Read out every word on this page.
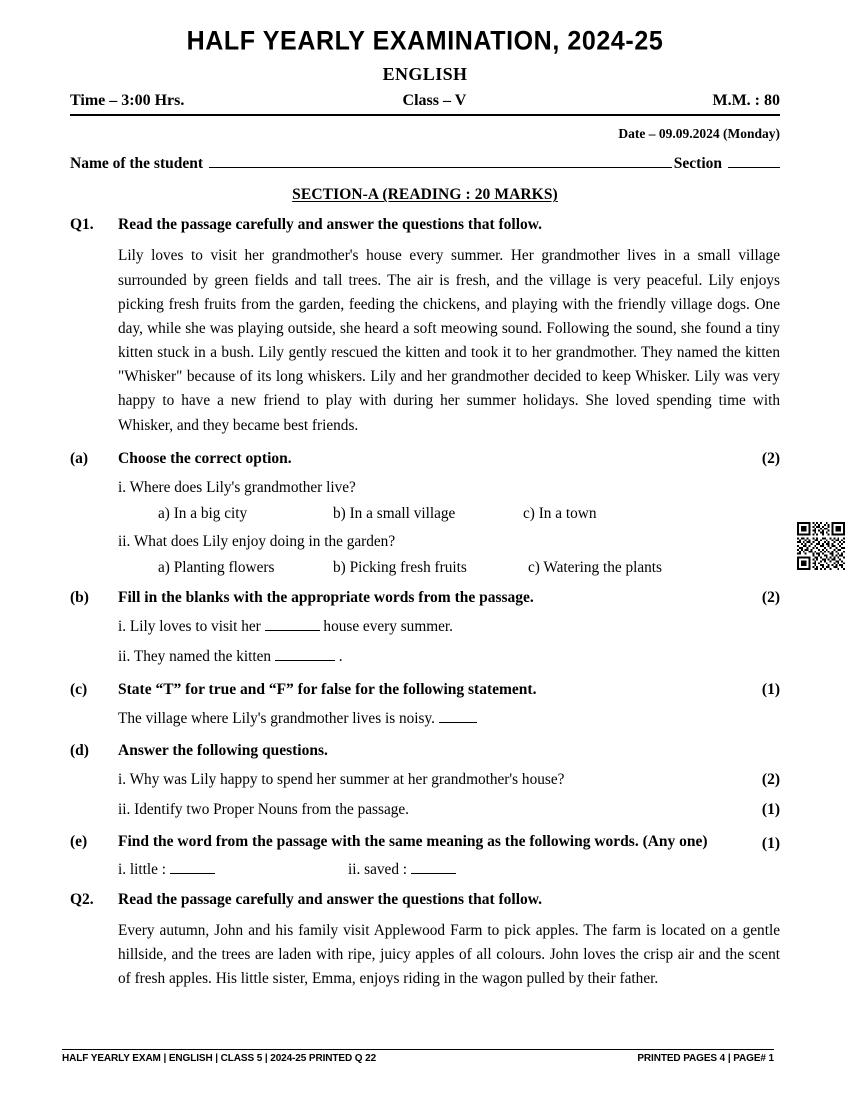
HALF YEARLY EXAMINATION, 2024-25
ENGLISH
Time – 3:00 Hrs.	Class – V	M.M. : 80
Date – 09.09.2024 (Monday)
Name of the student	Section
SECTION-A (READING : 20 MARKS)
Q1.	Read the passage carefully and answer the questions that follow.
Lily loves to visit her grandmother's house every summer. Her grandmother lives in a small village surrounded by green fields and tall trees. The air is fresh, and the village is very peaceful. Lily enjoys picking fresh fruits from the garden, feeding the chickens, and playing with the friendly village dogs. One day, while she was playing outside, she heard a soft meowing sound. Following the sound, she found a tiny kitten stuck in a bush. Lily gently rescued the kitten and took it to her grandmother. They named the kitten "Whisker" because of its long whiskers. Lily and her grandmother decided to keep Whisker. Lily was very happy to have a new friend to play with during her summer holidays. She loved spending time with Whisker, and they became best friends.
(a)	Choose the correct option.	(2)
i. Where does Lily's grandmother live?
a) In a big city	b) In a small village	c) In a town
ii. What does Lily enjoy doing in the garden?
a) Planting flowers	b) Picking fresh fruits	c) Watering the plants
(b)	Fill in the blanks with the appropriate words from the passage.	(2)
i. Lily loves to visit her	house every summer.
ii. They named the kitten	.
(c)	State “T” for true and “F” for false for the following statement.	(1)
The village where Lily's grandmother lives is noisy.
(d)	Answer the following questions.
i. Why was Lily happy to spend her summer at her grandmother's house?	(2)
ii. Identify two Proper Nouns from the passage.	(1)
(e)	Find the word from the passage with the same meaning as the following words. (Any one)	(1)
i. little :	ii. saved :
Q2.	Read the passage carefully and answer the questions that follow.
Every autumn, John and his family visit Applewood Farm to pick apples. The farm is located on a gentle hillside, and the trees are laden with ripe, juicy apples of all colours. John loves the crisp air and the scent of fresh apples. His little sister, Emma, enjoys riding in the wagon pulled by their father.
HALF YEARLY EXAM | ENGLISH | CLASS 5 | 2024-25 PRINTED Q 22	PRINTED PAGES 4 | PAGE# 1
